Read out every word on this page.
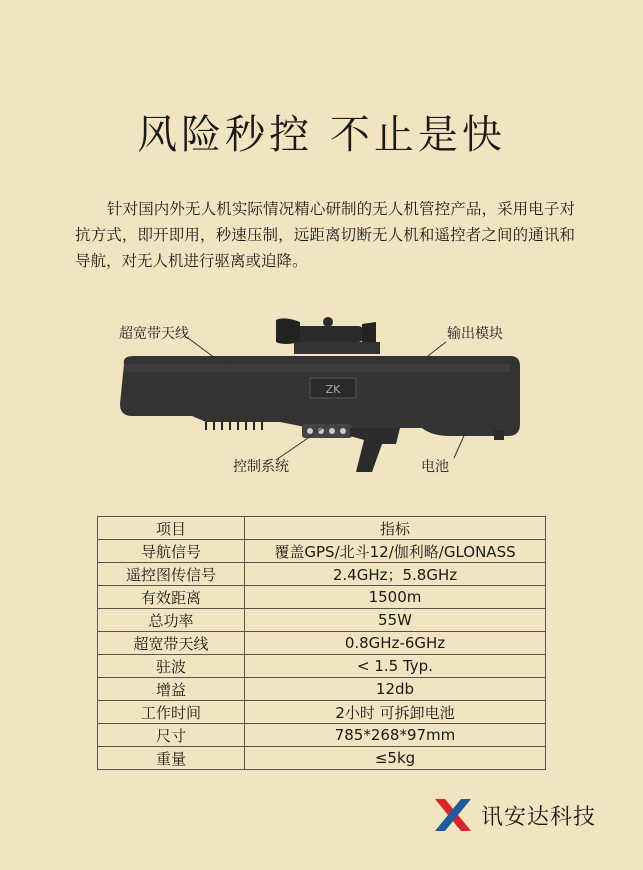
风险秒控 不止是快
针对国内外无人机实际情况精心研制的无人机管控产品，采用电子对抗方式，即开即用，秒速压制，远距离切断无人机和遥控者之间的通讯和导航，对无人机进行驱离或迫降。
ZK
超宽带天线	输出模块
控制系统	电池
项目	指标
导航信号	覆盖GPS/北斗12/伽利略/GLONASS
遥控图传信号	2.4GHz；5.8GHz
有效距离	1500m
总功率	55W
超宽带天线	0.8GHz-6GHz
驻波	< 1.5 Typ.
增益	12db
工作时间	2小时 可拆卸电池
尺寸	785*268*97mm
重量	≤5kg
讯安达科技
